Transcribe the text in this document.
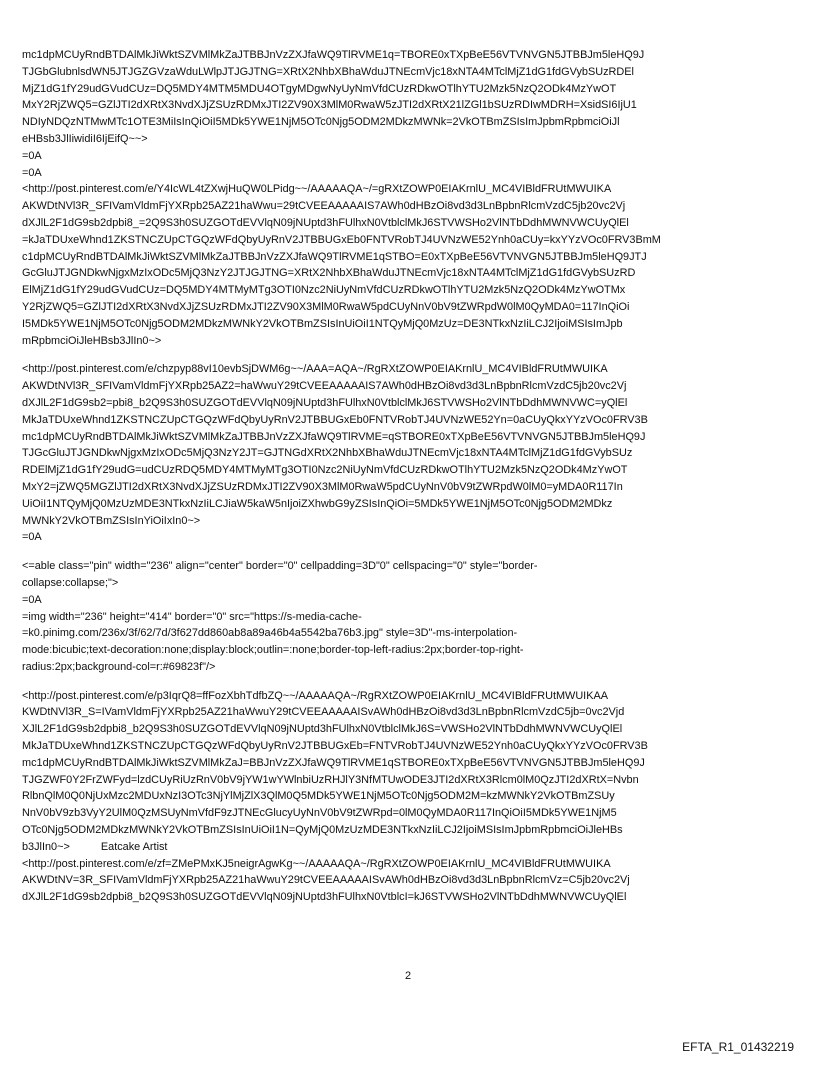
mc1dpMCUyRndBTDAlMkJiWktSZVMlMkZaJTBBJnVzZXJfaWQ9TlRVME1q=TBORE0xTXpBeE56VTVNVGN5JTBBJm5leHQ9J
TJGbGlubnlsdWN5JTJGZGVzaWduLWlpJTJGJTNG=XRtX2NhbXBhaWduJTNEcmVjc18xNTA4MTclMjZ1dG1fdGVybSUzRDEl
MjZ1dG1fY29udGVudCUz=DQ5MDY4MTM5MDU4OTgyMDgwNyUyNmVfdCUzRDkwOTlhYTU2Mzk5NzQ2ODk4MzYwOT
MxY2RjZWQ5=GZlJTI2dXRtX3NvdXJjZSUzRDMxJTI2ZV90X3MlM0RwaW5zJTI2dXRtX21lZGl1bSUzRDIwMDRH=XsidSI6IjU1
NDIyNDQzNTMwMTc1OTE3MiIsInQiOiI5MDk5YWE1NjM5OTc0Njg5ODM2MDkzMWNk=2VkOTBmZSIsImJpbmRpbmciOiJl
eHBsb3JlIiwidiI6IjEifQ~~>
=0A
=0A
<http://post.pinterest.com/e/Y4IcWL4tZXwjHuQW0LPidg~~/AAAAAQA~/=gRXtZOWP0EIAKrnlU_MC4VIBldFRUtMWUIKA
AKWDtNVl3R_SFIVamVldmFjYXRpb25AZ21haWwu=29tCVEEAAAAAIS7AWh0dHBzOi8vd3d3LnBpbnRlcmVzdC5jb20vc2Vj
dXJlL2F1dG9sb2dpbi8_=2Q9S3h0SUZGOTdEVVlqN09jNUptd3hFUlhxN0VtblclMkJ6STVWSHo2VlNTbDdhMWNVWCUyQlEl
=kJaTDUxeWhnd1ZKSTNCZUpCTGQzWFdQbyUyRnV2JTBBUGxEb0FNTVRobTJ4UVNzWE52Ynh0aCUy=kxYYzVOc0FRV3BmM
c1dpMCUyRndBTDAlMkJiWktSZVMlMkZaJTBBJnVzZXJfaWQ9TlRVME1qSTBO=E0xTXpBeE56VTVNVGN5JTBBJm5leHQ9JTJ
GcGluJTJGNDkwNjgxMzIxODc5MjQ3NzY2JTJGJTNG=XRtX2NhbXBhaWduJTNEcmVjc18xNTA4MTclMjZ1dG1fdGVybSUzRD
ElMjZ1dG1fY29udGVudCUz=DQ5MDY4MTMyMTg3OTI0Nzc2NiUyNmVfdCUzRDkwOTlhYTU2Mzk5NzQ2ODk4MzYwOTMx
Y2RjZWQ5=GZlJTI2dXRtX3NvdXJjZSUzRDMxJTI2ZV90X3MlM0RwaW5pdCUyNnV0bV9tZWRpdW0lM0QyMDA0=117InQiOi
I5MDk5YWE1NjM5OTc0Njg5ODM2MDkzMWNkY2VkOTBmZSIsInUiOiI1NTQyMjQ0MzUz=DE3NTkxNzIiLCJ2IjoiMSIsImJpb
mRpbmciOiJleHBsb3JlIn0~>
<http://post.pinterest.com/e/chzpyp88vI10evbSjDWM6g~~/AAA=AQA~/RgRXtZOWP0EIAKrnlU_MC4VIBldFRUtMWUIKA
AKWDtNVl3R_SFIVamVldmFjYXRpb25AZ2=haWwuY29tCVEEAAAAAIS7AWh0dHBzOi8vd3d3LnBpbnRlcmVzdC5jb20vc2Vj
dXJlL2F1dG9sb2=pbi8_b2Q9S3h0SUZGOTdEVVlqN09jNUptd3hFUlhxN0VtblclMkJ6STVWSHo2VlNTbDdhMWNVWC=yQlEl
MkJaTDUxeWhnd1ZKSTNCZUpCTGQzWFdQbyUyRnV2JTBBUGxEb0FNTVRobTJ4UVNzWE52Yn=0aCUyQkxYYzVOc0FRV3B
mc1dpMCUyRndBTDAlMkJiWktSZVMlMkZaJTBBJnVzZXJfaWQ9TlRVME=qSTBORE0xTXpBeE56VTVNVGN5JTBBJm5leHQ9J
TJGcGluJTJGNDkwNjgxMzIxODc5MjQ3NzY2JT=GJTNGdXRtX2NhbXBhaWduJTNEcmVjc18xNTA4MTclMjZ1dG1fdGVybSUz
RDElMjZ1dG1fY29udG=udCUzRDQ5MDY4MTMyMTg3OTI0Nzc2NiUyNmVfdCUzRDkwOTlhYTU2Mzk5NzQ2ODk4MzYwOT
MxY2=jZWQ5MGZlJTI2dXRtX3NvdXJjZSUzRDMxJTI2ZV90X3MlM0RwaW5pdCUyNnV0bV9tZWRpdW0lM0=yMDA0R117In
UiOiI1NTQyMjQ0MzUzMDE3NTkxNzIiLCJiaW5kaW5nIjoiZXhwbG9yZSIsInQiOi=5MDk5YWE1NjM5OTc0Njg5ODM2MDkz
MWNkY2VkOTBmZSIsInYiOiIxIn0~>
=0A
<=able class="pin" width="236" align="center" border="0" cellpadding=3D"0" cellspacing="0" style="border-
collapse:collapse;">
=0A
=img width="236" height="414" border="0" src="https://s-media-cache-
=k0.pinimg.com/236x/3f/62/7d/3f627dd860ab8a89a46b4a5542ba76b3.jpg" style=3D"-ms-interpolation-
mode:bicubic;text-decoration:none;display:block;outlin=:none;border-top-left-radius:2px;border-top-right-
radius:2px;background-col=r:#69823f"/>
<http://post.pinterest.com/e/p3IqrQ8=ffFozXbhTdfbZQ~~/AAAAAQA~/RgRXtZOWP0EIAKrnlU_MC4VIBldFRUtMWUIKAA
KWDtNVl3R_S=IVamVldmFjYXRpb25AZ21haWwuY29tCVEEAAAAAISvAWh0dHBzOi8vd3d3LnBpbnRlcmVzdC5jb=0vc2Vjd
XJlL2F1dG9sb2dpbi8_b2Q9S3h0SUZGOTdEVVlqN09jNUptd3hFUlhxN0VtblclMkJ6S=VWSHo2VlNTbDdhMWNVWCUyQlEl
MkJaTDUxeWhnd1ZKSTNCZUpCTGQzWFdQbyUyRnV2JTBBUGxEb=FNTVRobTJ4UVNzWE52Ynh0aCUyQkxYYzVOc0FRV3B
mc1dpMCUyRndBTDAlMkJiWktSZVMlMkZaJ=BBJnVzZXJfaWQ9TlRVME1qSTBORE0xTXpBeE56VTVNVGN5JTBBJm5leHQ9J
TJGZWF0Y2FrZWFyd=lzdCUyRiUzRnV0bV9jYW1wYWlnbiUzRHJlY3NfMTUwODE3JTI2dXRtX3Rlcm0lM0QzJTI2dXRtX=Nvbn
RlbnQlM0Q0NjUxMzc2MDUxNzI3OTc3NjYlMjZlX3QlM0Q5MDk5YWE1NjM5OTc0Njg5ODM2M=kzMWNkY2VkOTBmZSUy
NnV0bV9zb3VyY2UlM0QzMSUyNmVfdF9zJTNEcGlucyUyNnV0bV9tZWRpd=0lM0QyMDA0R117InQiOiI5MDk5YWE1NjM5
OTc0Njg5ODM2MDkzMWNkY2VkOTBmZSIsInUiOiI1N=QyMjQ0MzUzMDE3NTkxNzIiLCJ2IjoiMSIsImJpbmRpbmciOiJleHBs
b3JlIn0~>	Eatcake Artist
<http://post.pinterest.com/e/zf=ZMePMxKJ5neigrAgwKg~~/AAAAAQA~/RgRXtZOWP0EIAKrnlU_MC4VIBldFRUtMWUIKA
AKWDtNV=3R_SFIVamVldmFjYXRpb25AZ21haWwuY29tCVEEAAAAAISvAWh0dHBzOi8vd3d3LnBpbnRlcmVz=C5jb20vc2Vj
dXJlL2F1dG9sb2dpbi8_b2Q9S3h0SUZGOTdEVVlqN09jNUptd3hFUlhxN0VtblcI=kJ6STVWSHo2VlNTbDdhMWNVWCUyQlEl
2
EFTA_R1_01432219
